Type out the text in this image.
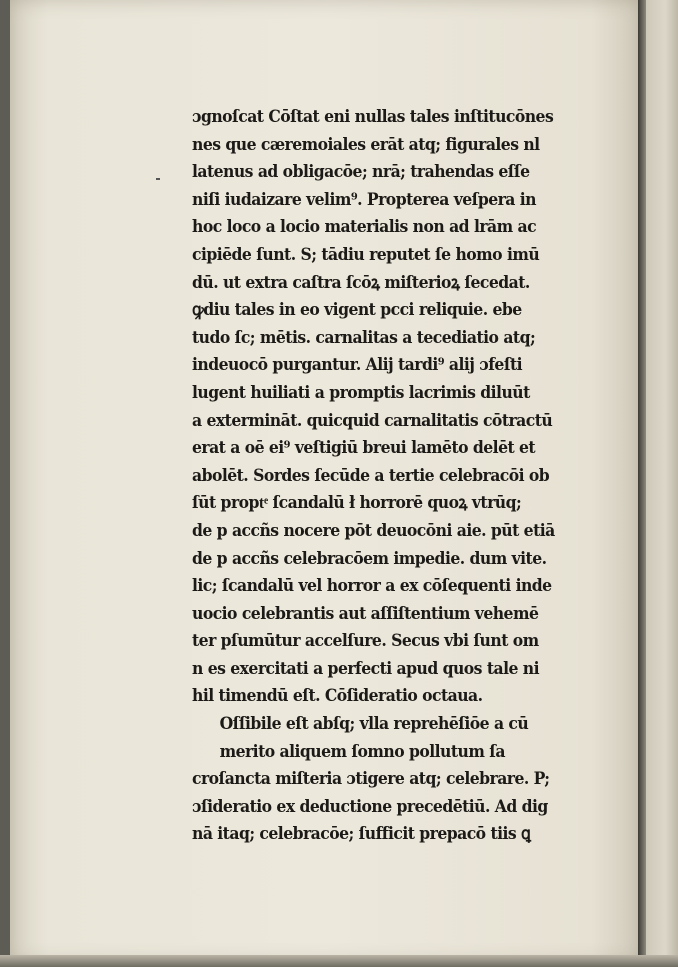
ɔgnoſcat Cōſtat eni nullas tales inſtitucōnes
nes que cæremoiales erāt atq; figurales nl
latenus ad obligacōe; nrā; trahendas eſſe
niſi iudaizare velim⁹. Propterea veſpera in
hoc loco a locio materialis non ad lrām ac
cipiēde ſunt. S; tādiu reputet ſe homo imū
dū. ut extra caſtra ſcōꝝ miſterioꝝ ſecedat.
ꝙdiu tales in eo vigent pcci reliquie. ebe
tudo ſc; mētis. carnalitas a tecediatio atq;
indeuocō purgantur. Alij tardi⁹ alij ɔfeſti
lugent huiliati a promptis lacrimis diluūt
a extermināt. quicquid carnalitatis cōtractū
erat a oē ei⁹ veſtigiū breui lamēto delēt et
abolēt. Sordes ſecūde a tertie celebracōi ob
ſūt proptͤ ſcandalū ł horrorē quoꝝ vtrūq;
de p accñs nocere pōt deuocōni aie. pūt etiā
de p accñs celebracōem impedie. dum vite.
lic; ſcandalū vel horror a ex cōſequenti inde
uocio celebrantis aut aſſiſtentium vehemē
ter pſumūtur accelſure. Secus vbi ſunt om
n es exercitati a perfecti apud quos tale ni
hil timendū eſt. Cōſideratio octaua.
Oſſibile eſt abſq; vlla reprehēſiōe a cū
merito aliquem ſomno pollutum ſa
croſancta miſteria ɔtigere atq; celebrare. P;
ɔſideratio ex deductione precedētiū. Ad dig
nā itaq; celebracōe; ſufficit prepacō tiis ꝗ
